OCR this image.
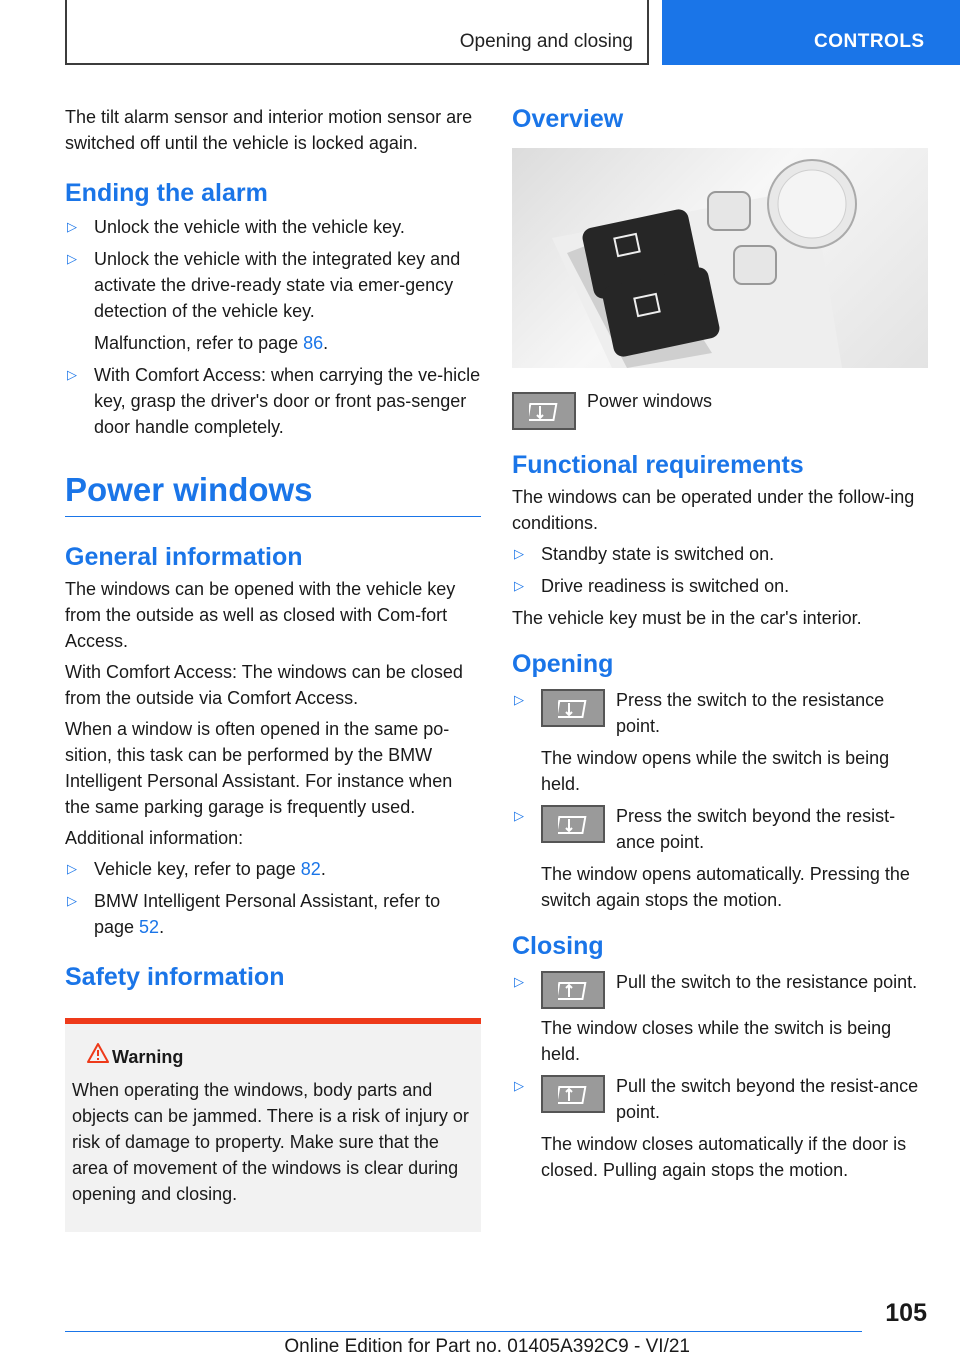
Opening and closing	CONTROLS

The tilt alarm sensor and interior motion sensor are switched off until the vehicle is locked again.

Ending the alarm
▷ Unlock the vehicle with the vehicle key.
▷ Unlock the vehicle with the integrated key and activate the drive-ready state via emer-gency detection of the vehicle key.
Malfunction, refer to page 86.
▷ With Comfort Access: when carrying the ve-hicle key, grasp the driver's door or front pas-senger door handle completely.
Power windows
General information

The windows can be opened with the vehicle key from the outside as well as closed with Com-fort Access.

With Comfort Access: The windows can be closed from the outside via Comfort Access.

When a window is often opened in the same po-sition, this task can be performed by the BMW Intelligent Personal Assistant. For instance when the same parking garage is frequently used.

Additional information:

▷ Vehicle key, refer to page 82.
▷ BMW Intelligent Personal Assistant, refer to page 52.
Safety information
Warning

When operating the windows, body parts and objects can be jammed. There is a risk of injury or risk of damage to property. Make sure that the area of movement of the windows is clear during opening and closing.

Overview
Power windows
Functional requirements

The windows can be operated under the follow-ing conditions.

▷ Standby state is switched on.
▷ Drive readiness is switched on.

The vehicle key must be in the car's interior.

Opening
▷	Press the switch to the resistance point.
The window opens while the switch is being held.
▷	Press the switch beyond the resist-ance point.
The window opens automatically. Pressing the switch again stops the motion.
Closing
▷	Pull the switch to the resistance point.
The window closes while the switch is being held.
▷	Pull the switch beyond the resist-ance point.
The window closes automatically if the door is closed. Pulling again stops the motion.
105
Online Edition for Part no. 01405A392C9 - VI/21
